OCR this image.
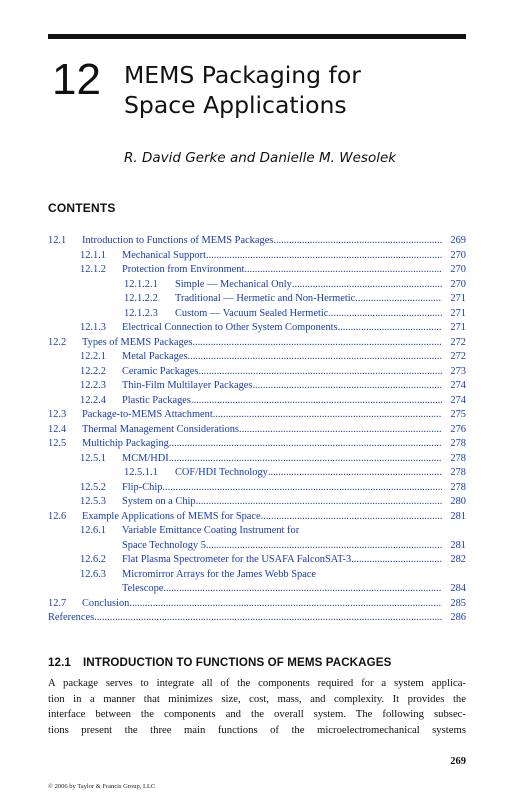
12 MEMS Packaging for
Space Applications
R. David Gerke and Danielle M. Wesolek
CONTENTS
12.1 Introduction to Functions of MEMS Packages .....	269
12.1.1 Mechanical Support .....	270
12.1.2 Protection from Environment .....	270
12.1.2.1 Simple — Mechanical Only .....	270
12.1.2.2 Traditional — Hermetic and Non-Hermetic .....	271
12.1.2.3 Custom — Vacuum Sealed Hermetic .....	271
12.1.3 Electrical Connection to Other System Components .....	271
12.2 Types of MEMS Packages .....	272
12.2.1 Metal Packages .....	272
12.2.2 Ceramic Packages .....	273
12.2.3 Thin-Film Multilayer Packages .....	274
12.2.4 Plastic Packages .....	274
12.3 Package-to-MEMS Attachment .....	275
12.4 Thermal Management Considerations .....	276
12.5 Multichip Packaging .....	278
12.5.1 MCM/HDI .....	278
12.5.1.1 COF/HDI Technology .....	278
12.5.2 Flip-Chip .....	278
12.5.3 System on a Chip .....	280
12.6 Example Applications of MEMS for Space .....	281
12.6.1 Variable Emittance Coating Instrument for
Space Technology 5 .....	281
12.6.2 Flat Plasma Spectrometer for the USAFA FalconSAT-3 .....	282
12.6.3 Micromirror Arrays for the James Webb Space
Telescope .....	284
12.7 Conclusion .....	285
References .....	286
12.1 INTRODUCTION TO FUNCTIONS OF MEMS PACKAGES
A package serves to integrate all of the components required for a system applica-
tion in a manner that minimizes size, cost, mass, and complexity. It provides the
interface between the components and the overall system. The following subsec-
tions present the three main functions of the microelectromechanical systems
269
© 2006 by Taylor & Francis Group, LLC
